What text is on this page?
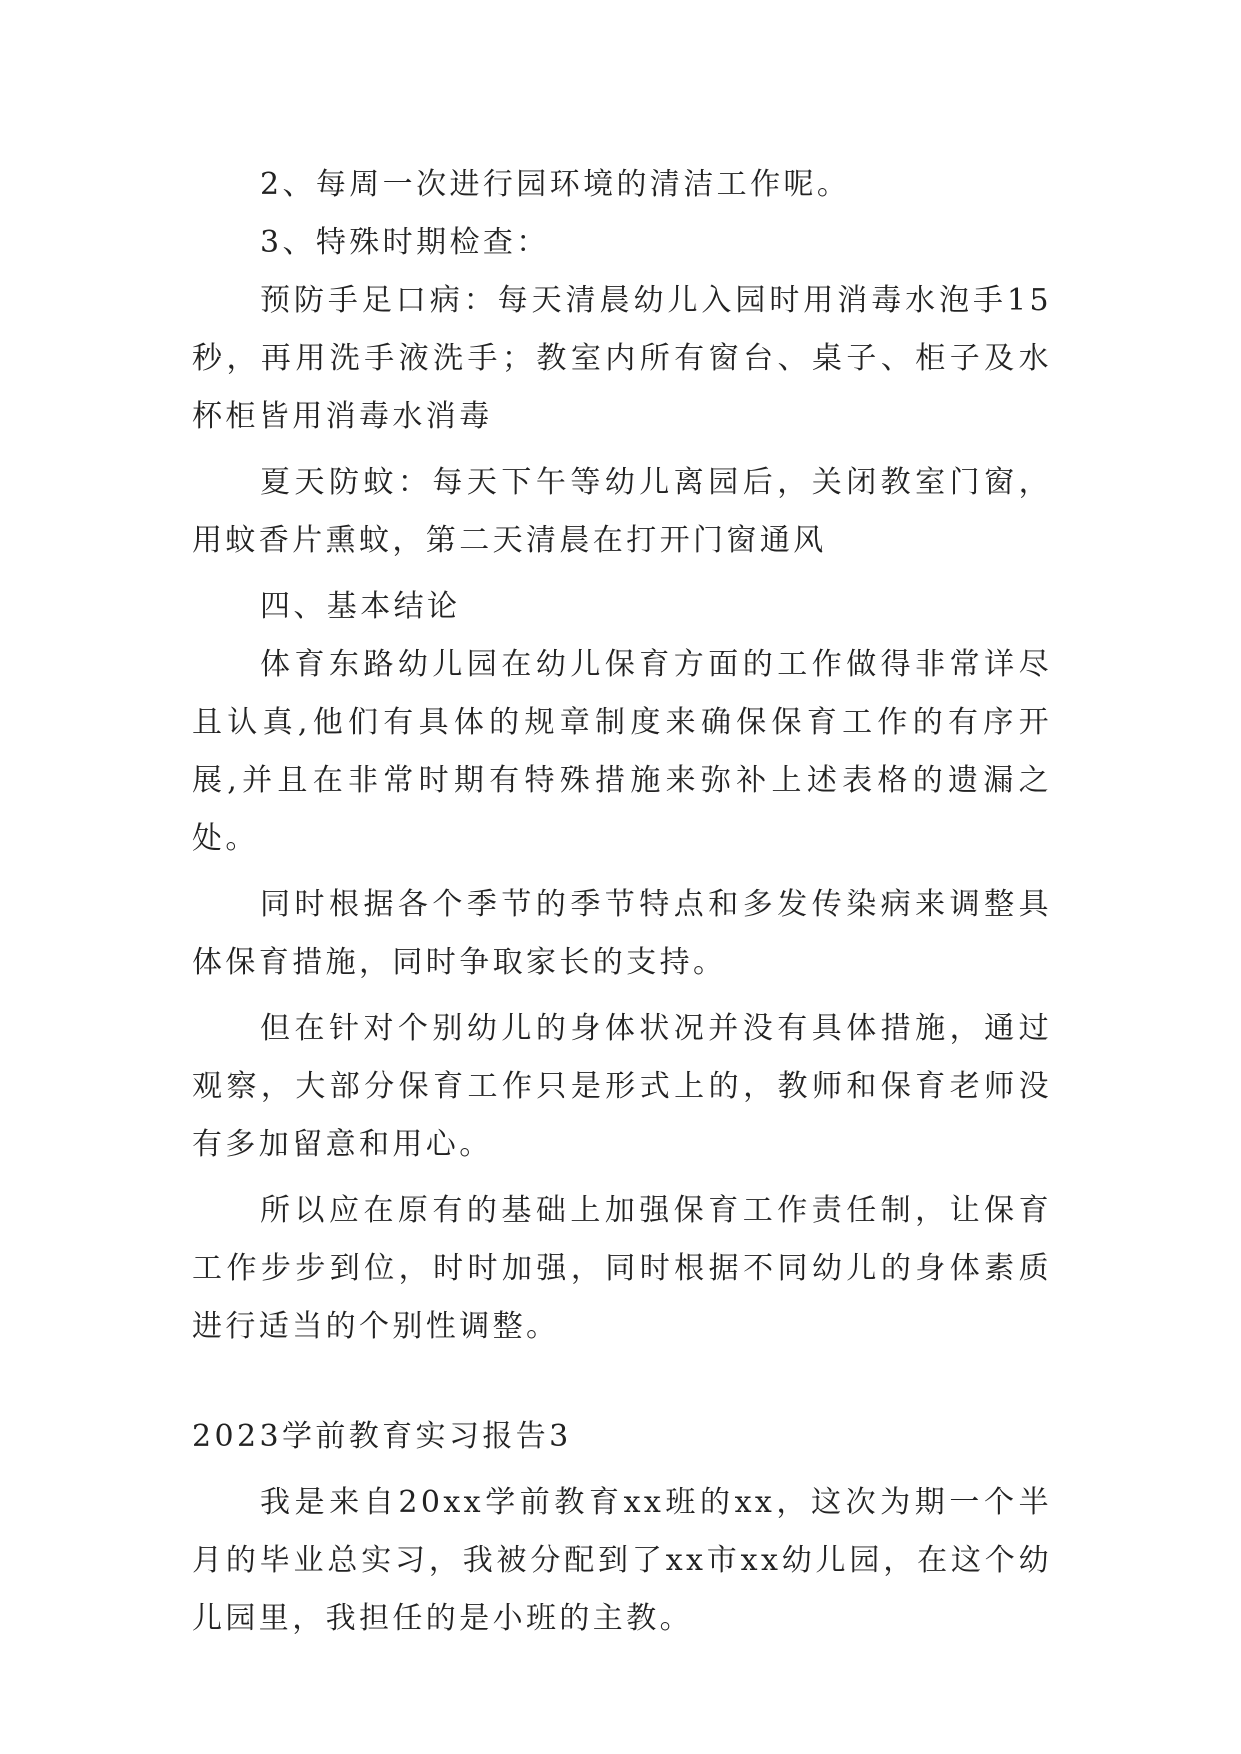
2、每周一次进行园环境的清洁工作呢。

3、特殊时期检查：

预防手足口病：每天清晨幼儿入园时用消毒水泡手15秒，再用洗手液洗手；教室内所有窗台、桌子、柜子及水杯柜皆用消毒水消毒

夏天防蚊：每天下午等幼儿离园后，关闭教室门窗，用蚊香片熏蚊，第二天清晨在打开门窗通风

四、基本结论

体育东路幼儿园在幼儿保育方面的工作做得非常详尽且认真,他们有具体的规章制度来确保保育工作的有序开展,并且在非常时期有特殊措施来弥补上述表格的遗漏之处。

同时根据各个季节的季节特点和多发传染病来调整具体保育措施，同时争取家长的支持。

但在针对个别幼儿的身体状况并没有具体措施，通过观察，大部分保育工作只是形式上的，教师和保育老师没有多加留意和用心。

所以应在原有的基础上加强保育工作责任制，让保育工作步步到位，时时加强，同时根据不同幼儿的身体素质进行适当的个别性调整。

2023学前教育实习报告3

我是来自20xx学前教育xx班的xx，这次为期一个半月的毕业总实习，我被分配到了xx市xx幼儿园，在这个幼儿园里，我担任的是小班的主教。
